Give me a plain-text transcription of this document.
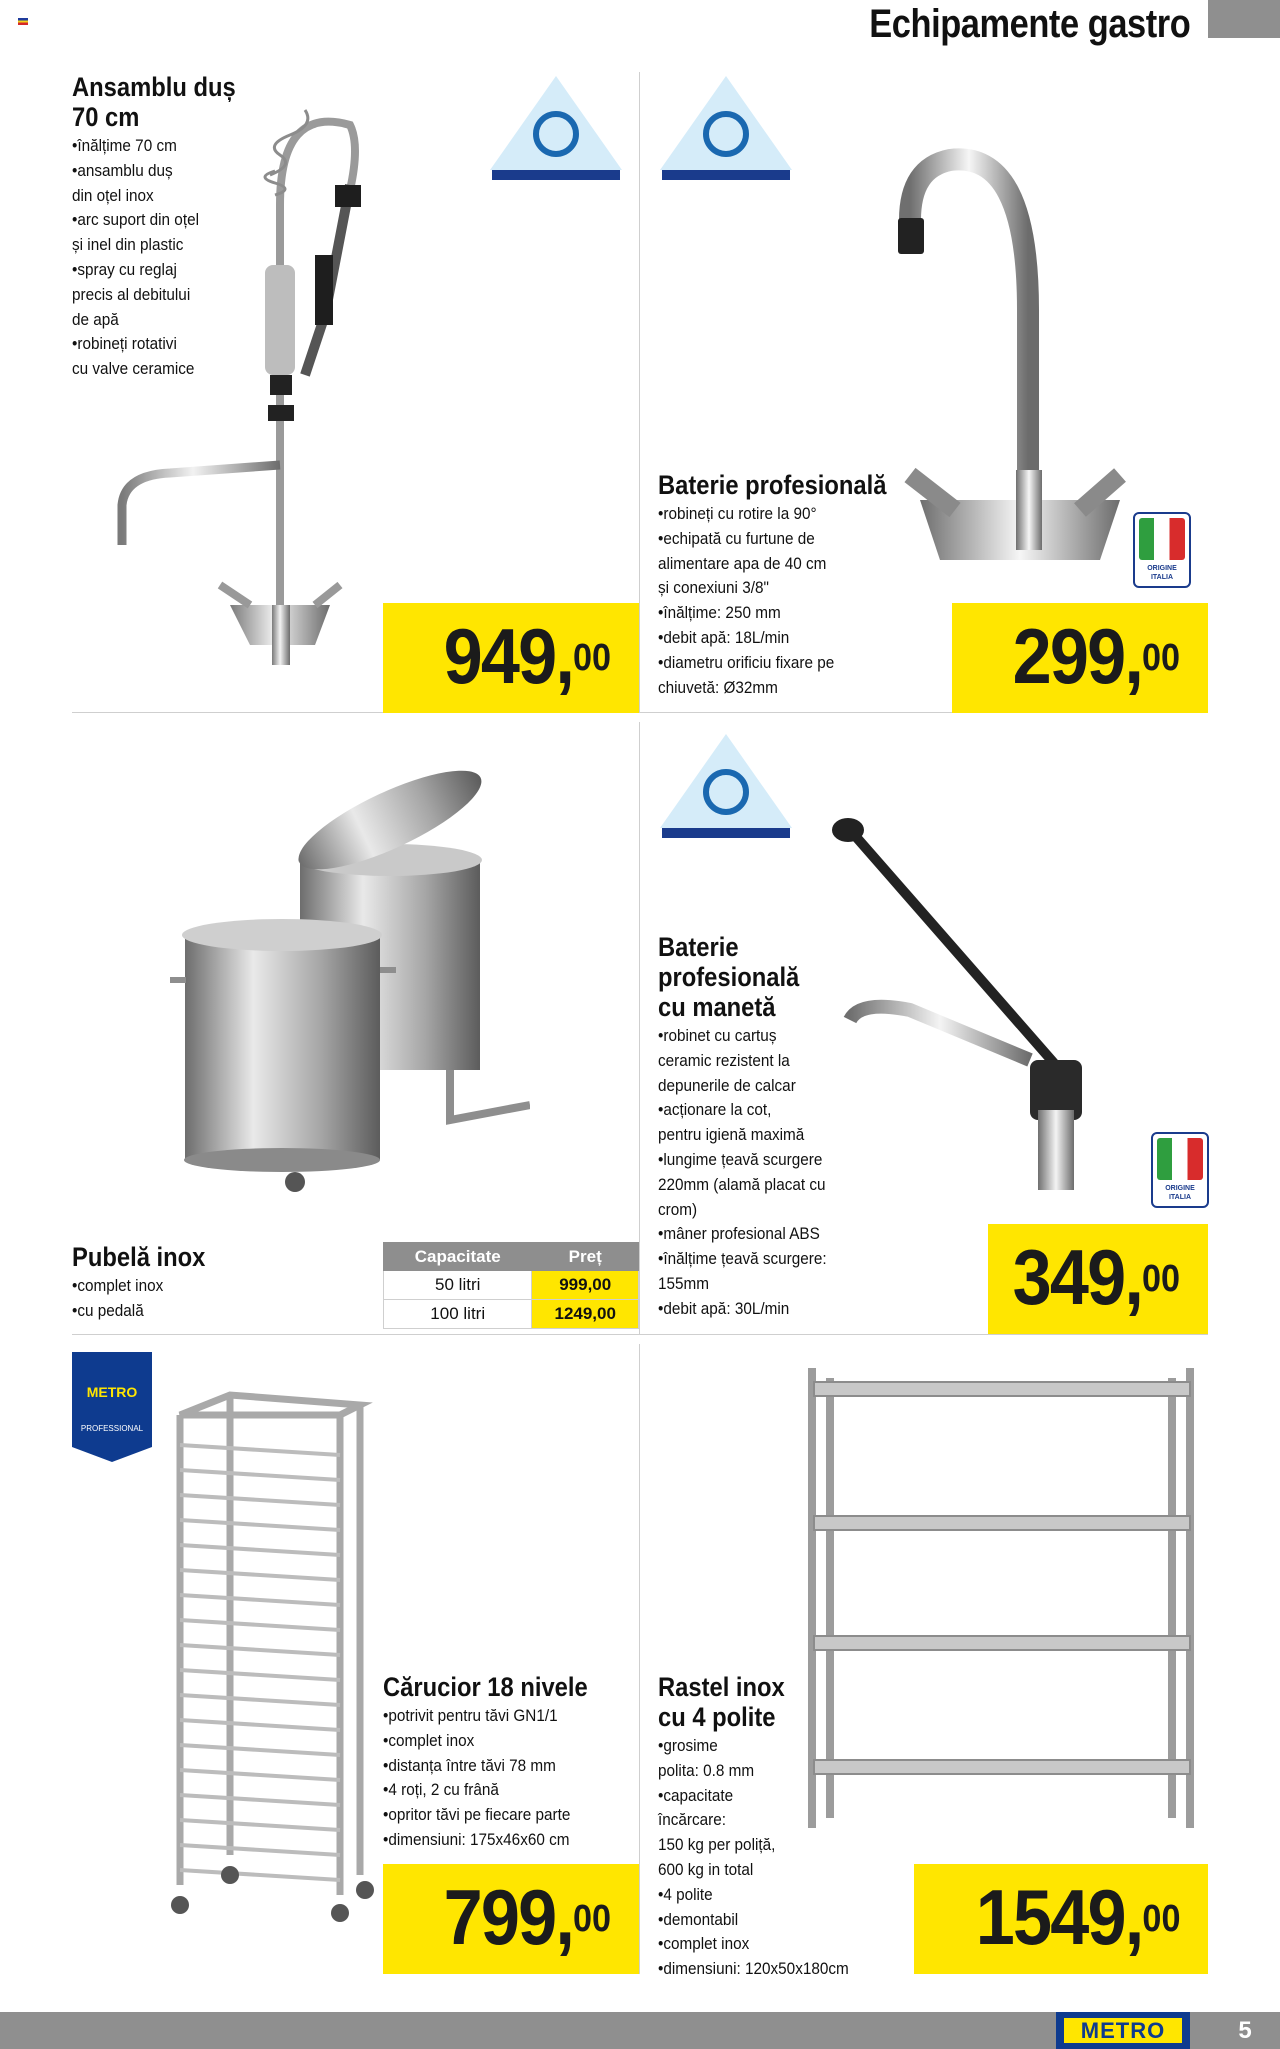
Echipamente gastro
Ansamblu duș
70 cm
• înălțime 70 cm
• ansamblu duș
din oțel inox
• arc suport din oțel
și inel din plastic
• spray cu reglaj
precis al debitului
de apă
• robineți rotativi
cu valve ceramice
949,00
Baterie profesională
• robineți cu rotire la 90°
• echipată cu furtune de
alimentare apa de 40 cm
și conexiuni 3/8"
• înălțime: 250 mm
• debit apă: 18L/min
• diametru orificiu fixare pe
chiuvetă: Ø32mm
ORIGINE
ITALIA
299,00
Pubelă inox
• complet inox
• cu pedală
Capacitate	Preț
50 litri	999,00
100 litri	1249,00
Baterie
profesională
cu manetă
• robinet cu cartuș
ceramic rezistent la
depunerile de calcar
• acționare la cot,
pentru igienă maximă
• lungime țeavă scurgere
220mm (alamă placat cu
crom)
• mâner profesional ABS
• înălțime țeavă scurgere:
155mm
• debit apă: 30L/min
ORIGINE
ITALIA
349,00
METRO
PROFESSIONAL
Cărucior 18 nivele
• potrivit pentru tăvi GN1/1
• complet inox
• distanța între tăvi 78 mm
• 4 roți, 2 cu frână
• opritor tăvi pe fiecare parte
• dimensiuni: 175x46x60 cm
799,00
Rastel inox
cu 4 polite
• grosime
polita: 0.8 mm
• capacitate
încărcare:
150 kg per poliță,
600 kg in total
• 4 polite
• demontabil
• complet inox
• dimensiuni: 120x50x180cm
1549,00
METRO	5
